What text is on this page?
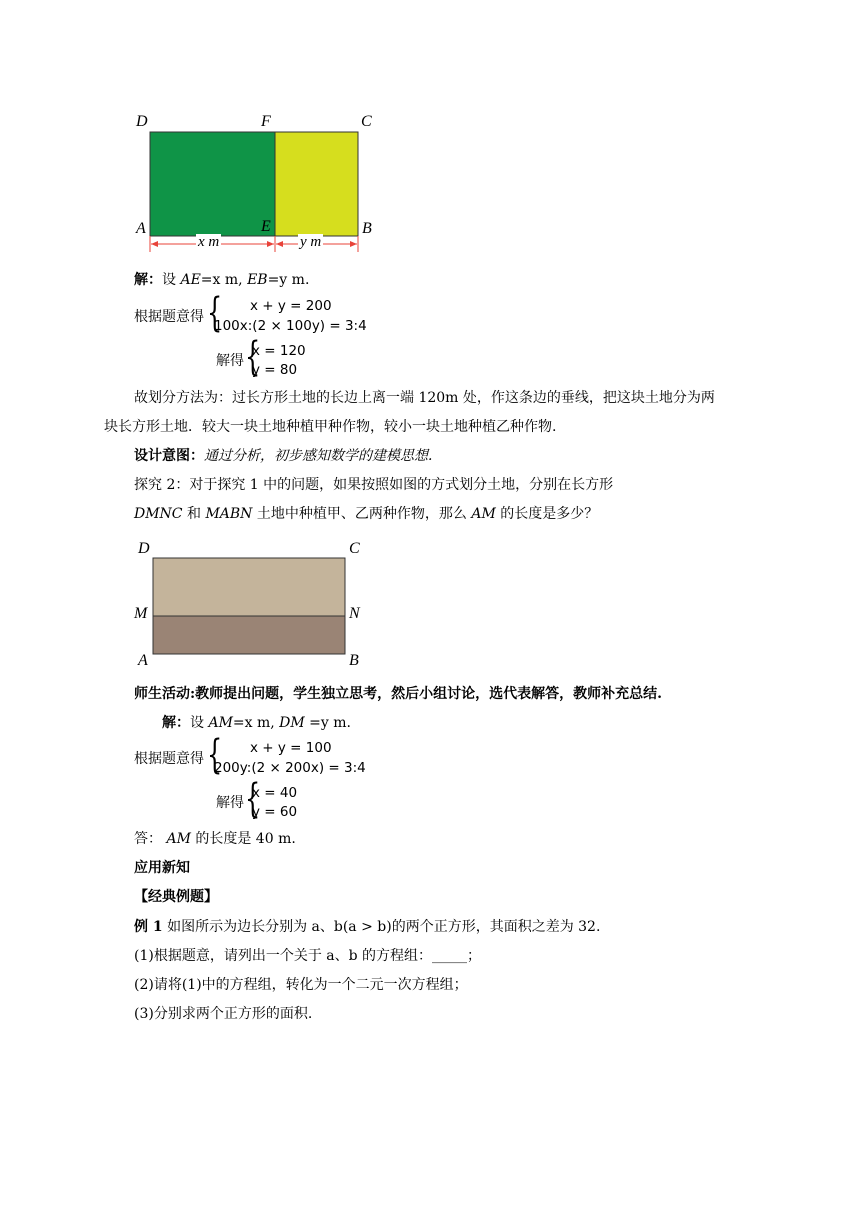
D	F	C
A	E	B
x m	y m
解：设 AE=x m, EB=y m.
根据题意得 { x + y = 200
100x:(2 × 100y) = 3:4
解得 {
x = 120
y = 80
故划分方法为：过长方形土地的长边上离一端 120m 处，作这条边的垂线，把这块土地分为两
块长方形土地．较大一块土地种植甲种作物，较小一块土地种植乙种作物.
设计意图：通过分析，初步感知数学的建模思想.
探究 2：对于探究 1 中的问题，如果按照如图的方式划分土地，分别在长方形
DMNC 和 MABN 土地中种植甲、乙两种作物，那么 AM 的长度是多少？
D	C
M	N
A	B
师生活动:教师提出问题，学生独立思考，然后小组讨论，选代表解答，教师补充总结.
解：设 AM=x m, DM =y m.
根据题意得 { x + y = 100
200y:(2 × 200x) = 3:4
解得 {
x = 40
y = 60
答： AM 的长度是 40 m.
应用新知
【经典例题】
例 1 如图所示为边长分别为 a、b(a > b)的两个正方形，其面积之差为 32.
(1)根据题意，请列出一个关于 a、b 的方程组：_____；
(2)请将(1)中的方程组，转化为一个二元一次方程组；
(3)分别求两个正方形的面积.
